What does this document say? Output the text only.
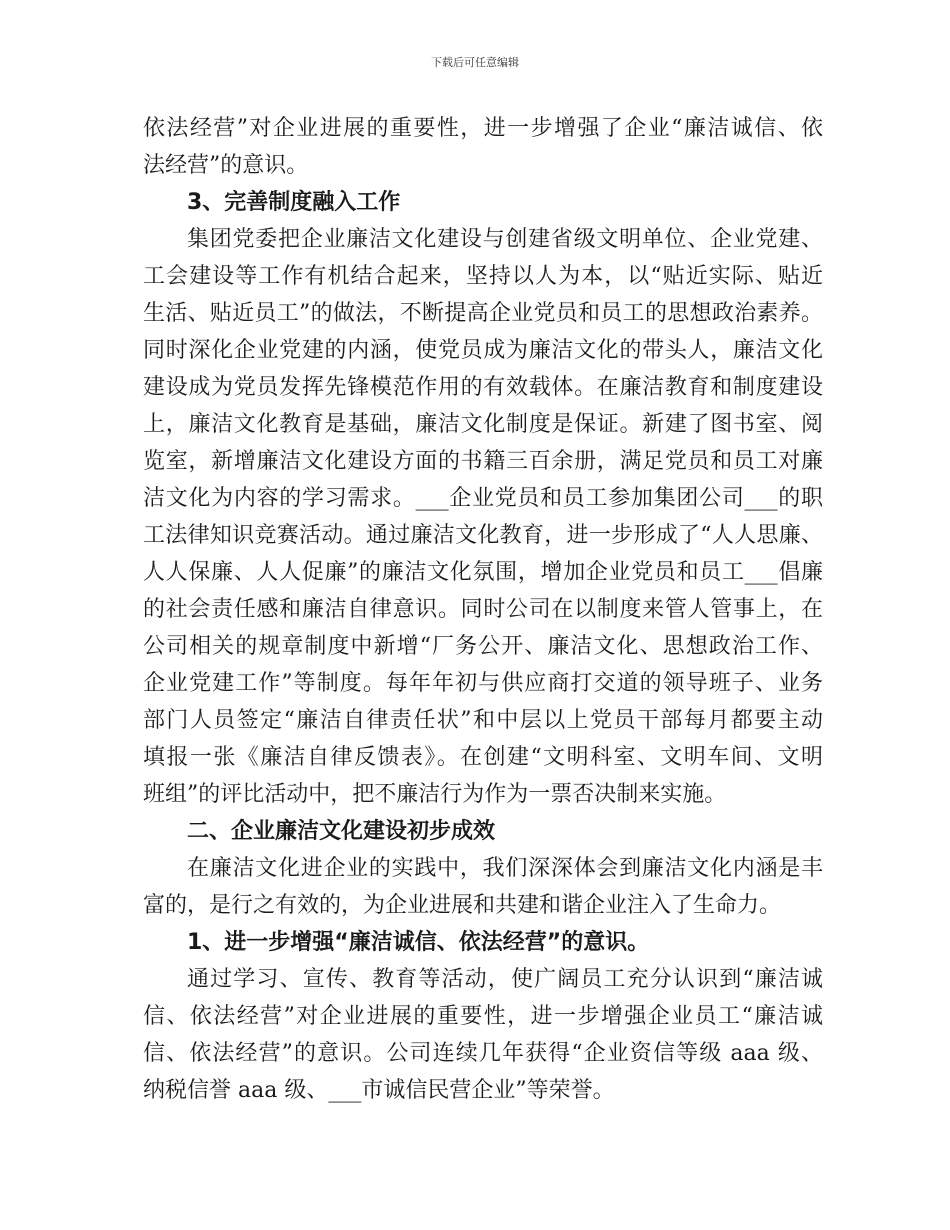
下载后可任意编辑
依法经营”对企业进展的重要性，进一步增强了企业“廉洁诚信、依
法经营”的意识。
3、完善制度融入工作
集团党委把企业廉洁文化建设与创建省级文明单位、企业党建、
工会建设等工作有机结合起来，坚持以人为本，以“贴近实际、贴近
生活、贴近员工”的做法，不断提高企业党员和员工的思想政治素养。
同时深化企业党建的内涵，使党员成为廉洁文化的带头人，廉洁文化
建设成为党员发挥先锋模范作用的有效载体。在廉洁教育和制度建设
上，廉洁文化教育是基础，廉洁文化制度是保证。新建了图书室、阅
览室，新增廉洁文化建设方面的书籍三百余册，满足党员和员工对廉
洁文化为内容的学习需求。___企业党员和员工参加集团公司___的职
工法律知识竞赛活动。通过廉洁文化教育，进一步形成了“人人思廉、
人人保廉、人人促廉”的廉洁文化氛围，增加企业党员和员工___倡廉
的社会责任感和廉洁自律意识。同时公司在以制度来管人管事上，在
公司相关的规章制度中新增“厂务公开、廉洁文化、思想政治工作、
企业党建工作”等制度。每年年初与供应商打交道的领导班子、业务
部门人员签定“廉洁自律责任状”和中层以上党员干部每月都要主动
填报一张《廉洁自律反馈表》。在创建“文明科室、文明车间、文明
班组”的评比活动中，把不廉洁行为作为一票否决制来实施。
二、企业廉洁文化建设初步成效
在廉洁文化进企业的实践中，我们深深体会到廉洁文化内涵是丰
富的，是行之有效的，为企业进展和共建和谐企业注入了生命力。
1、进一步增强“廉洁诚信、依法经营”的意识。
通过学习、宣传、教育等活动，使广阔员工充分认识到“廉洁诚
信、依法经营”对企业进展的重要性，进一步增强企业员工“廉洁诚
信、依法经营”的意识。公司连续几年获得“企业资信等级 aaa 级、
纳税信誉 aaa 级、___市诚信民营企业”等荣誉。
